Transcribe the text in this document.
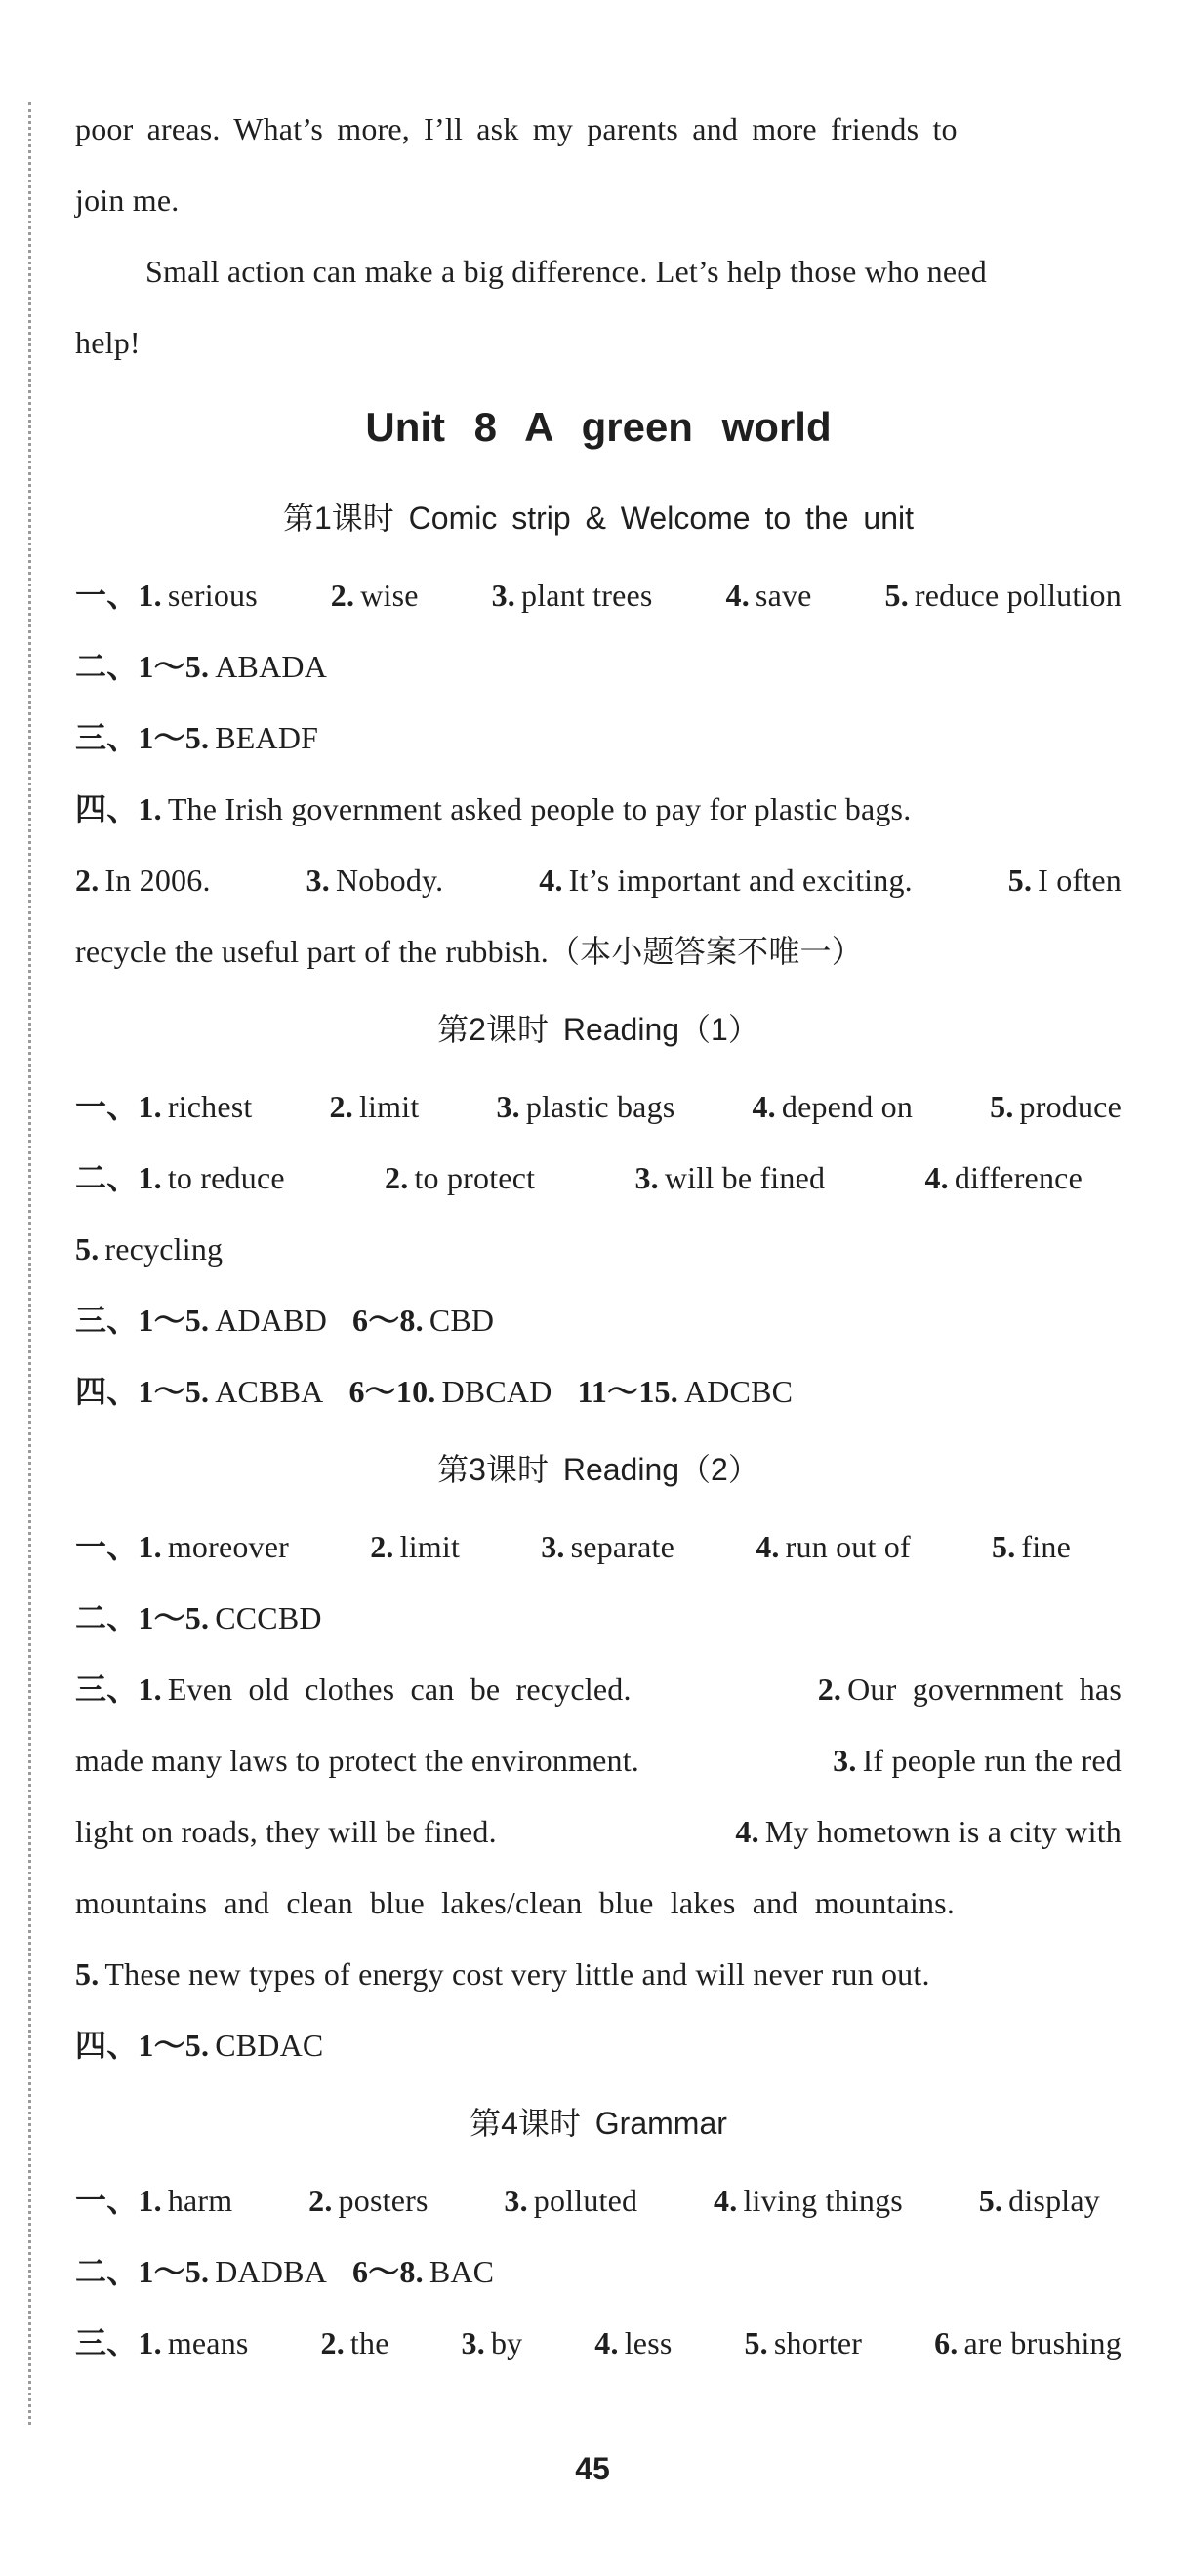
poor areas. What’s more, I’ll ask my parents and more friends to
join me.
Small action can make a big difference. Let’s help those who need
help!
Unit 8 A green world
第1课时 Comic strip & Welcome to the unit
一、1. serious 2. wise 3. plant trees 4. save 5. reduce pollution
二、1～5. ABADA
三、1～5. BEADF
四、1. The Irish government asked people to pay for plastic bags.
2. In 2006.	3. Nobody.	4. It’s important and exciting.	5. I often
recycle the useful part of the rubbish.（本小题答案不唯一）
第2课时 Reading（1）
一、1. richest 2. limit 3. plastic bags 4. depend on 5. produce
二、1. to reduce	2. to protect	3. will be fined	4. difference
5. recycling
三、1～5. ADABD 6～8. CBD
四、1～5. ACBBA 6～10. DBCAD 11～15. ADCBC
第3课时 Reading（2）
一、1. moreover	2. limit	3. separate	4. run out of	5. fine
二、1～5. CCCBD
三、1. Even old clothes can be recycled.	2. Our government has
made many laws to protect the environment.	3. If people run the red
light on roads, they will be fined.	4. My hometown is a city with
mountains and clean blue lakes/clean blue lakes and mountains.
5. These new types of energy cost very little and will never run out.
四、1～5. CBDAC
第4课时 Grammar
一、1. harm 2. posters 3. polluted 4. living things 5. display
二、1～5. DADBA 6～8. BAC
三、1. means 2. the 3. by 4. less 5. shorter 6. are brushing
45
